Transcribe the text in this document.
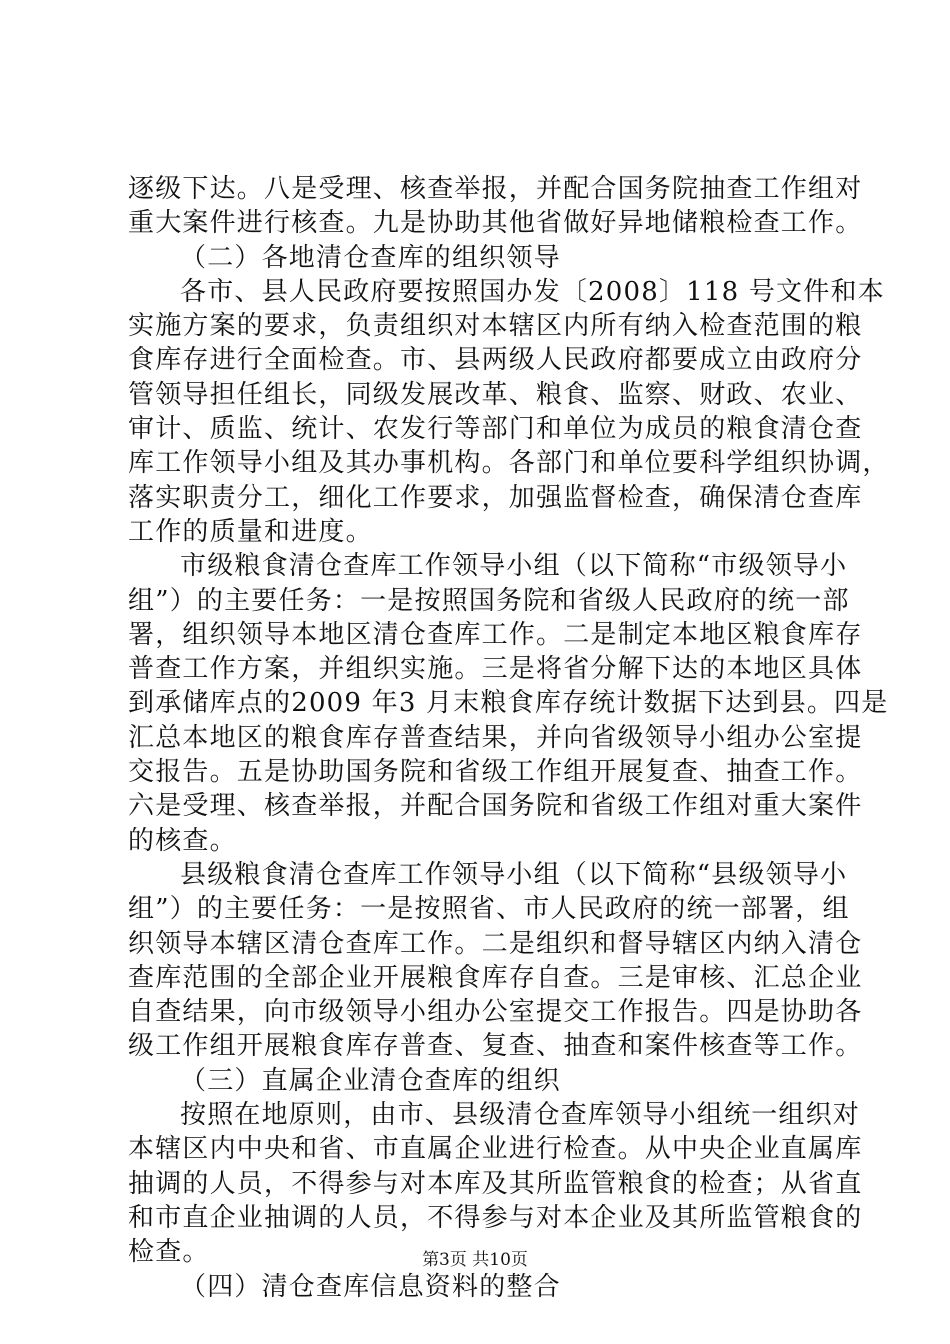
逐级下达。八是受理、核查举报，并配合国务院抽查工作组对
重大案件进行核查。九是协助其他省做好异地储粮检查工作。
（二）各地清仓查库的组织领导
各市、县人民政府要按照国办发〔2008〕118 号文件和本
实施方案的要求，负责组织对本辖区内所有纳入检查范围的粮
食库存进行全面检查。市、县两级人民政府都要成立由政府分
管领导担任组长，同级发展改革、粮食、监察、财政、农业、
审计、质监、统计、农发行等部门和单位为成员的粮食清仓查
库工作领导小组及其办事机构。各部门和单位要科学组织协调，
落实职责分工，细化工作要求，加强监督检查，确保清仓查库
工作的质量和进度。
市级粮食清仓查库工作领导小组（以下简称“市级领导小
组”）的主要任务：一是按照国务院和省级人民政府的统一部
署，组织领导本地区清仓查库工作。二是制定本地区粮食库存
普查工作方案，并组织实施。三是将省分解下达的本地区具体
到承储库点的2009 年3 月末粮食库存统计数据下达到县。四是
汇总本地区的粮食库存普查结果，并向省级领导小组办公室提
交报告。五是协助国务院和省级工作组开展复查、抽查工作。
六是受理、核查举报，并配合国务院和省级工作组对重大案件
的核查。
县级粮食清仓查库工作领导小组（以下简称“县级领导小
组”）的主要任务：一是按照省、市人民政府的统一部署，组
织领导本辖区清仓查库工作。二是组织和督导辖区内纳入清仓
查库范围的全部企业开展粮食库存自查。三是审核、汇总企业
自查结果，向市级领导小组办公室提交工作报告。四是协助各
级工作组开展粮食库存普查、复查、抽查和案件核查等工作。
（三）直属企业清仓查库的组织
按照在地原则，由市、县级清仓查库领导小组统一组织对
本辖区内中央和省、市直属企业进行检查。从中央企业直属库
抽调的人员，不得参与对本库及其所监管粮食的检查；从省直
和市直企业抽调的人员，不得参与对本企业及其所监管粮食的
检查。
（四）清仓查库信息资料的整合
第3页 共10页
